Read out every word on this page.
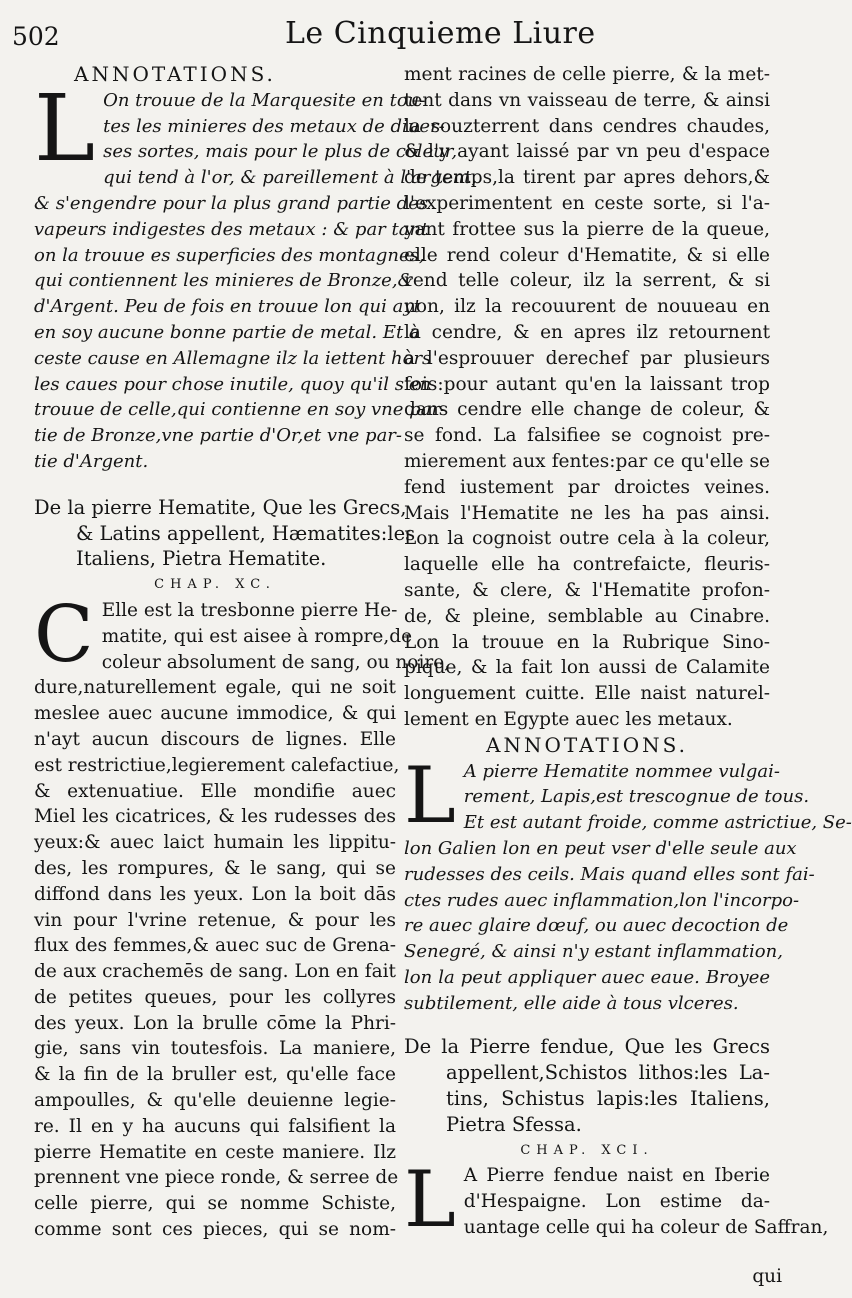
502	Le Cinquieme Liure
ANNOTATIONS.
L On trouue de la Marquesite en tou-
tes les minieres des metaux de diuer-
ses sortes, mais pour le plus de coleur,
qui tend à l'or, & pareillement à l'argent,
& s'engendre pour la plus grand partie des
vapeurs indigestes des metaux : & par tant
on la trouue es superficies des montagnes,
qui contiennent les minieres de Bronze,&
d'Argent. Peu de fois en trouue lon qui ayt
en soy aucune bonne partie de metal. Et à
ceste cause en Allemagne ilz la iettent hors
les caues pour chose inutile, quoy qu'il s'en
trouue de celle,qui contienne en soy vne par-
tie de Bronze,vne partie d'Or,et vne par-
tie d'Argent.
De la pierre Hematite, Que les Grecs,
& Latins appellent, Hæmatites:les
Italiens, Pietra Hematite.
CHAP. XC.
C Elle est la tresbonne pierre He-
matite, qui est aisee à rompre,de
coleur absolument de sang, ou noire,
dure,naturellement egale, qui ne soit
meslee auec aucune immodice, & qui
n'ayt aucun discours de lignes. Elle
est restrictiue,legierement calefactiue,
& extenuatiue. Elle mondifie auec
Miel les cicatrices, & les rudesses des
yeux:& auec laict humain les lippitu-
des, les rompures, & le sang, qui se
diffond dans les yeux. Lon la boit dās
vin pour l'vrine retenue, & pour les
flux des femmes,& auec suc de Grena-
de aux crachemēs de sang. Lon en fait
de petites queues, pour les collyres
des yeux. Lon la brulle cōme la Phri-
gie, sans vin toutesfois. La maniere,
& la fin de la bruller est, qu'elle face
ampoulles, & qu'elle deuienne legie-
re. Il en y ha aucuns qui falsifient la
pierre Hematite en ceste maniere. Ilz
prennent vne piece ronde, & serree de
celle pierre, qui se nomme Schiste,
comme sont ces pieces, qui se nom-
ment racines de celle pierre, & la met-
tent dans vn vaisseau de terre, & ainsi
la souzterrent dans cendres chaudes,
& l'y ayant laissé par vn peu d'espace
de temps,la tirent par apres dehors,&
l'experimentent en ceste sorte, si l'a-
yant frottee sus la pierre de la queue,
elle rend coleur d'Hematite, & si elle
rend telle coleur, ilz la serrent, & si
non, ilz la recouurent de nouueau en
la cendre, & en apres ilz retournent
à l'esprouuer derechef par plusieurs
fois:pour autant qu'en la laissant trop
dans cendre elle change de coleur, &
se fond. La falsifiee se cognoist pre-
mierement aux fentes:par ce qu'elle se
fend iustement par droictes veines.
Mais l'Hematite ne les ha pas ainsi.
Lon la cognoist outre cela à la coleur,
laquelle elle ha contrefaicte, fleuris-
sante, & clere, & l'Hematite profon-
de, & pleine, semblable au Cinabre.
Lon la trouue en la Rubrique Sino-
pique, & la fait lon aussi de Calamite
longuement cuitte. Elle naist naturel-
lement en Egypte auec les metaux.
ANNOTATIONS.
L A pierre Hematite nommee vulgai-
rement, Lapis,est trescognue de tous.
Et est autant froide, comme astrictiue, Se-
lon Galien lon en peut vser d'elle seule aux
rudesses des ceils. Mais quand elles sont fai-
ctes rudes auec inflammation,lon l'incorpo-
re auec glaire dœuf, ou auec decoction de
Senegré, & ainsi n'y estant inflammation,
lon la peut appliquer auec eaue. Broyee
subtilement, elle aide à tous vlceres.
De la Pierre fendue, Que les Grecs
appellent,Schistos lithos:les La-
tins, Schistus lapis:les Italiens,
Pietra Sfessa.
CHAP. XCI.
L A Pierre fendue naist en Iberie
d'Hespaigne. Lon estime da-
uantage celle qui ha coleur de Saffran,
qui
